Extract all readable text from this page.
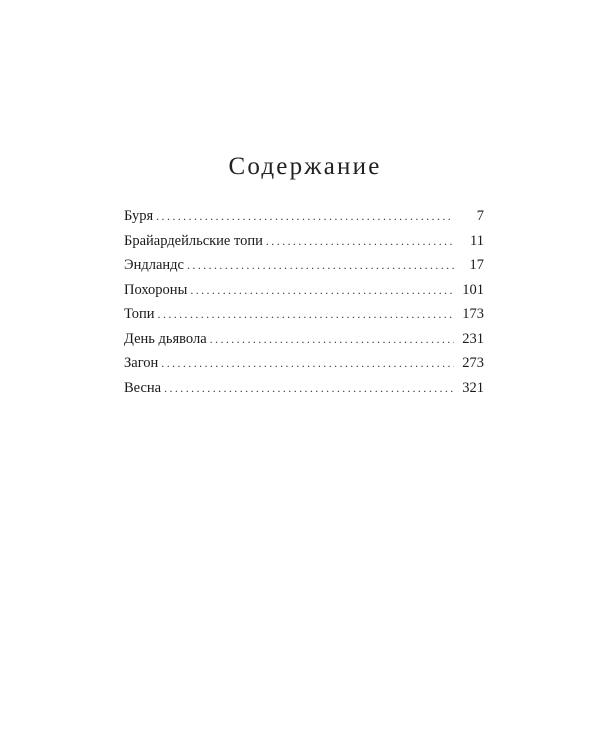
Содержание
Буря .....	7
Брайардейльские топи .....	11
Эндландс .....	17
Похороны .....	101
Топи .....	173
День дьявола .....	231
Загон .....	273
Весна .....	321
